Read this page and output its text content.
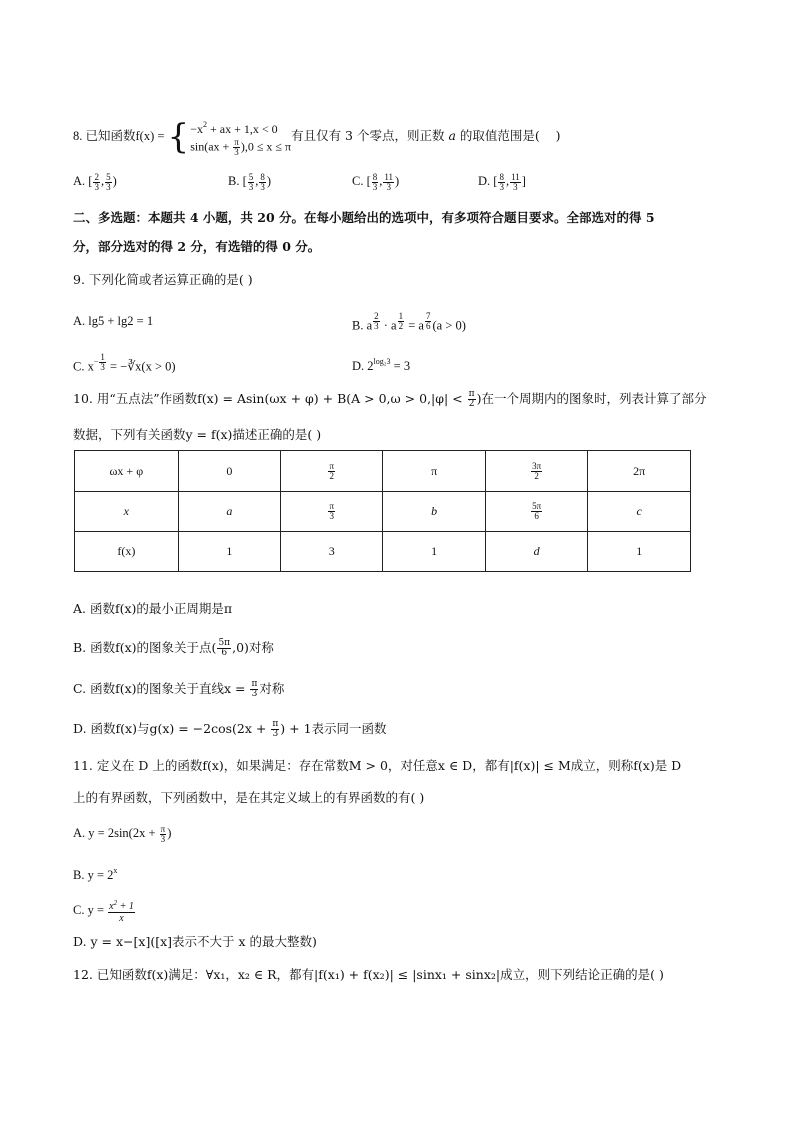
8. 已知函数f(x) = { $-x^2$ + ax + 1,x < 0
$\sin(ax + \frac{\pi}{3} ),0 \le x \le \pi$
有且仅有 3 个零点，则正数 a 的取值范围是(    )
A. [ $\frac{2}{3}$ , $\frac{5}{3}$ )	B. [ $\frac{5}{3}$ , $\frac{8}{3}$ )	C. [ $\frac{8}{3}$ , $\frac{11}{3}$ )	D. [ $\frac{8}{3}$ , $\frac{11}{3}$ ]
二、多选题：本题共 4 小题，共 20 分。在每小题给出的选项中，有多项符合题目要求。全部选对的得 5
分，部分选对的得 2 分，有选错的得 0 分。
9. 下列化简或者运算正确的是( )
A. lg5 + lg2 = 1	B. a $^{\frac{2}{3}}$ · a $^{\frac{1}{2}}$ = a $^{\frac{7}{6}}$ (a > 0)
C. $x^{- \frac{1}{3}}$ = −∛x(x > 0)	D. $2^{log_23} = 3$
10. 用“五点法”作函数$f(x) = Asin(\omega x + \varphi) + B(A > 0,\omega > 0,|\varphi| < \frac{\pi}{2}$ )在一个周期内的图象时，列表计算了部分
数据，下列有关函数y = f(x)描述正确的是( )
ωx + φ	0	$\frac{\pi}{2}$	π	$\frac{3\pi}{2}$	2π
x	a	$\frac{\pi}{3}$	b	$\frac{5\pi}{6}$	c
f(x)	1	3	1	d	1
A. 函数f(x)的最小正周期是π
B. 函数f(x)的图象关于点( $\frac{5\pi}{6} ,0$)对称
C. 函数f(x)的图象关于直线$x = \frac{\pi}{3}$ 对称
D. 函数f(x)与$g(x) = -2\cos(2x + \frac{\pi}{3}$ ) + 1表示同一函数
11. 定义在 D 上的函数f(x)，如果满足：存在常数M > 0，对任意x ∈ D，都有|f(x)| ≤ M成立，则称f(x)是 D
上的有界函数，下列函数中，是在其定义域上的有界函数的有( )
A. $y = 2\sin(2x + \frac{\pi}{3}$ )
B. $y = 2^x$
C. $y = \frac{x^2 + 1}{x}$
D. y = x−[x]([x]表示不大于 x 的最大整数)
12. 已知函数f(x)满足：∀x₁，x₂ ∈ R，都有|f(x₁) + f(x₂)| ≤ |sinx₁ + sinx₂|成立，则下列结论正确的是( )
